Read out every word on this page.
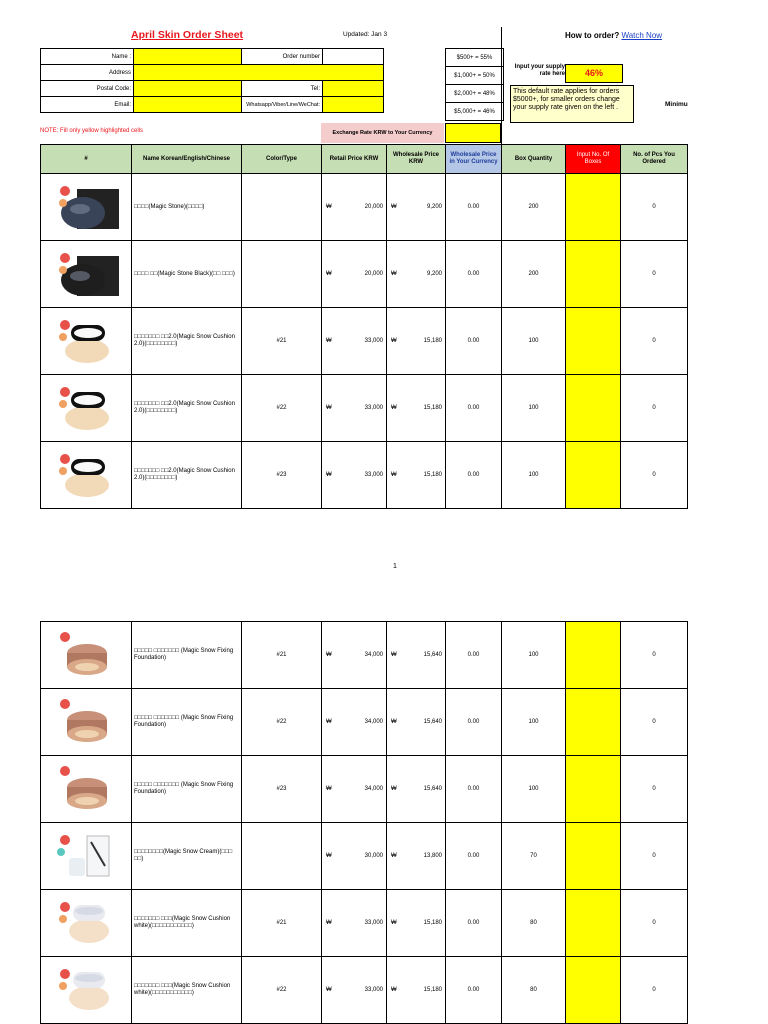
April Skin Order Sheet	Updated: Jan 3	How to order? Watch Now
Name :		Order number	
Address			
Postal Code:		Tel:	
Email:		Whatsapp/Viber/Line/WeChat:	
$500+ = 55%
$1,000+ = 50%
$2,000+ = 48%
$5,000+ = 46%
Input your supply rate here	46%
This default rate applies for orders $5000+, for smaller orders change your supply rate given on the left .	Minimu
NOTE: Fill only yellow highlighted cells	Exchange Rate KRW to Your Currency
#	Name Korean/English/Chinese	Color/Type	Retail Price KRW	Wholesale Price KRW	Wholesale Price in Your Currency	Box Quantity	Input No. Of Boxes	No. of Pcs You Ordered

	□□□□(Magic Stone)(□□□□)		₩ 20,000	₩ 9,200	0.00	200		0

	□□□□ □□(Magic Stone Black)(□□ □□□)		₩ 20,000	₩ 9,200	0.00	200		0

	□□□□□□□ □□2.0(Magic Snow Cushion 2.0)(□□□□□□□□)	#21	₩ 33,000	₩ 15,180	0.00	100		0

	□□□□□□□ □□2.0(Magic Snow Cushion 2.0)(□□□□□□□□)	#22	₩ 33,000	₩ 15,180	0.00	100		0

	□□□□□□□ □□2.0(Magic Snow Cushion 2.0)(□□□□□□□□)	#23	₩ 33,000	₩ 15,180	0.00	100		0
1
	□□□□□ □□□□□□□ (Magic Snow Fixing Foundation)	#21	₩ 34,000	₩ 15,640	0.00	100		0

	□□□□□ □□□□□□□ (Magic Snow Fixing Foundation)	#22	₩ 34,000	₩ 15,640	0.00	100		0

	□□□□□ □□□□□□□ (Magic Snow Fixing Foundation)	#23	₩ 34,000	₩ 15,640	0.00	100		0

	□□□□□□□□(Magic Snow Cream)(□□□ □□)		₩ 30,000	₩ 13,800	0.00	70		0

	□□□□□□□ □□□(Magic Snow Cushion white)(□□□□□□□□□□□)	#21	₩ 33,000	₩ 15,180	0.00	80		0

	□□□□□□□ □□□(Magic Snow Cushion white)(□□□□□□□□□□□)	#22	₩ 33,000	₩ 15,180	0.00	80		0
